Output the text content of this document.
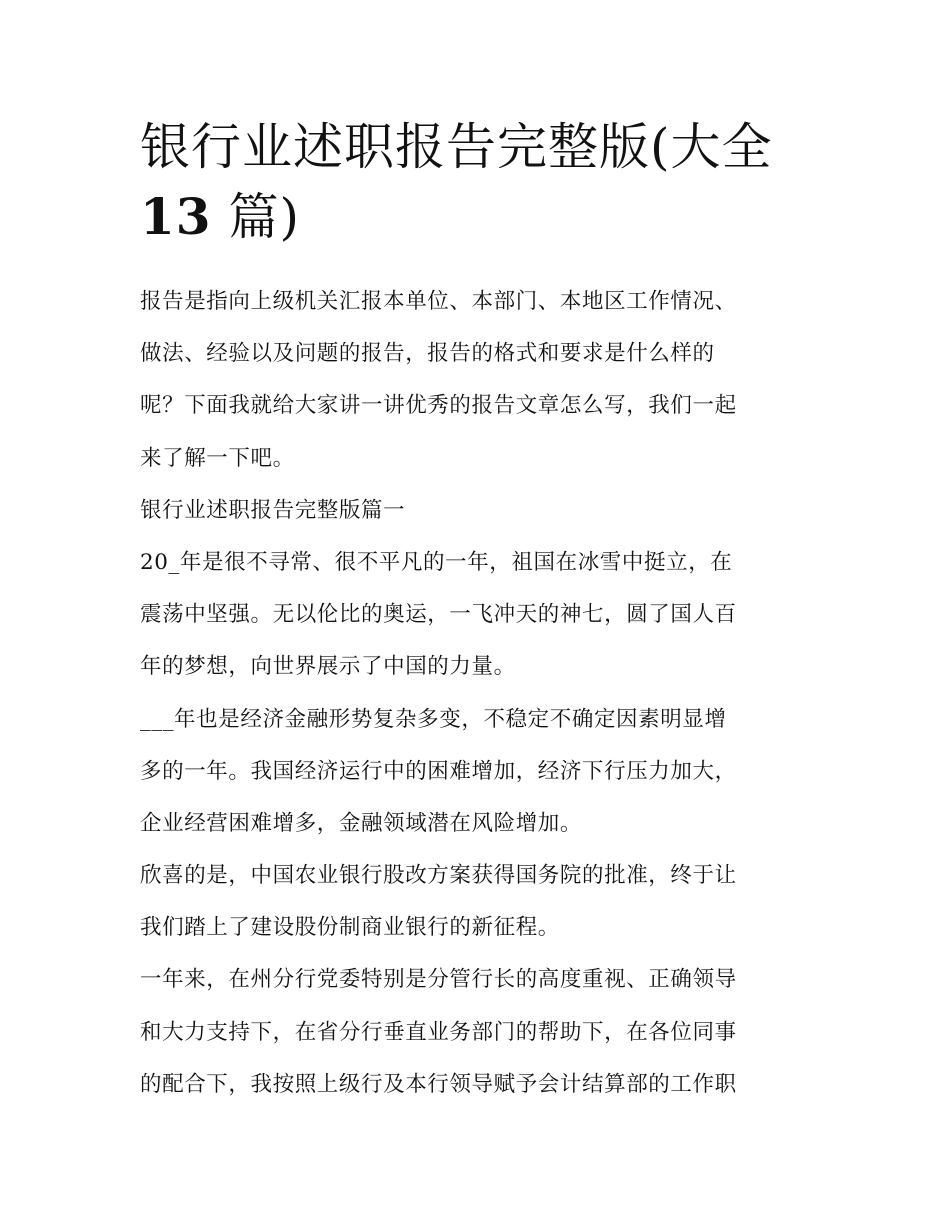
银行业述职报告完整版(大全
13 篇)
报告是指向上级机关汇报本单位、本部门、本地区工作情况、
做法、经验以及问题的报告，报告的格式和要求是什么样的
呢？下面我就给大家讲一讲优秀的报告文章怎么写，我们一起
来了解一下吧。
银行业述职报告完整版篇一
20_年是很不寻常、很不平凡的一年，祖国在冰雪中挺立，在
震荡中坚强。无以伦比的奥运，一飞冲天的神七，圆了国人百
年的梦想，向世界展示了中国的力量。
___年也是经济金融形势复杂多变，不稳定不确定因素明显增
多的一年。我国经济运行中的困难增加，经济下行压力加大，
企业经营困难增多，金融领域潜在风险增加。
欣喜的是，中国农业银行股改方案获得国务院的批准，终于让
我们踏上了建设股份制商业银行的新征程。
一年来，在州分行党委特别是分管行长的高度重视、正确领导
和大力支持下，在省分行垂直业务部门的帮助下，在各位同事
的配合下，我按照上级行及本行领导赋予会计结算部的工作职
